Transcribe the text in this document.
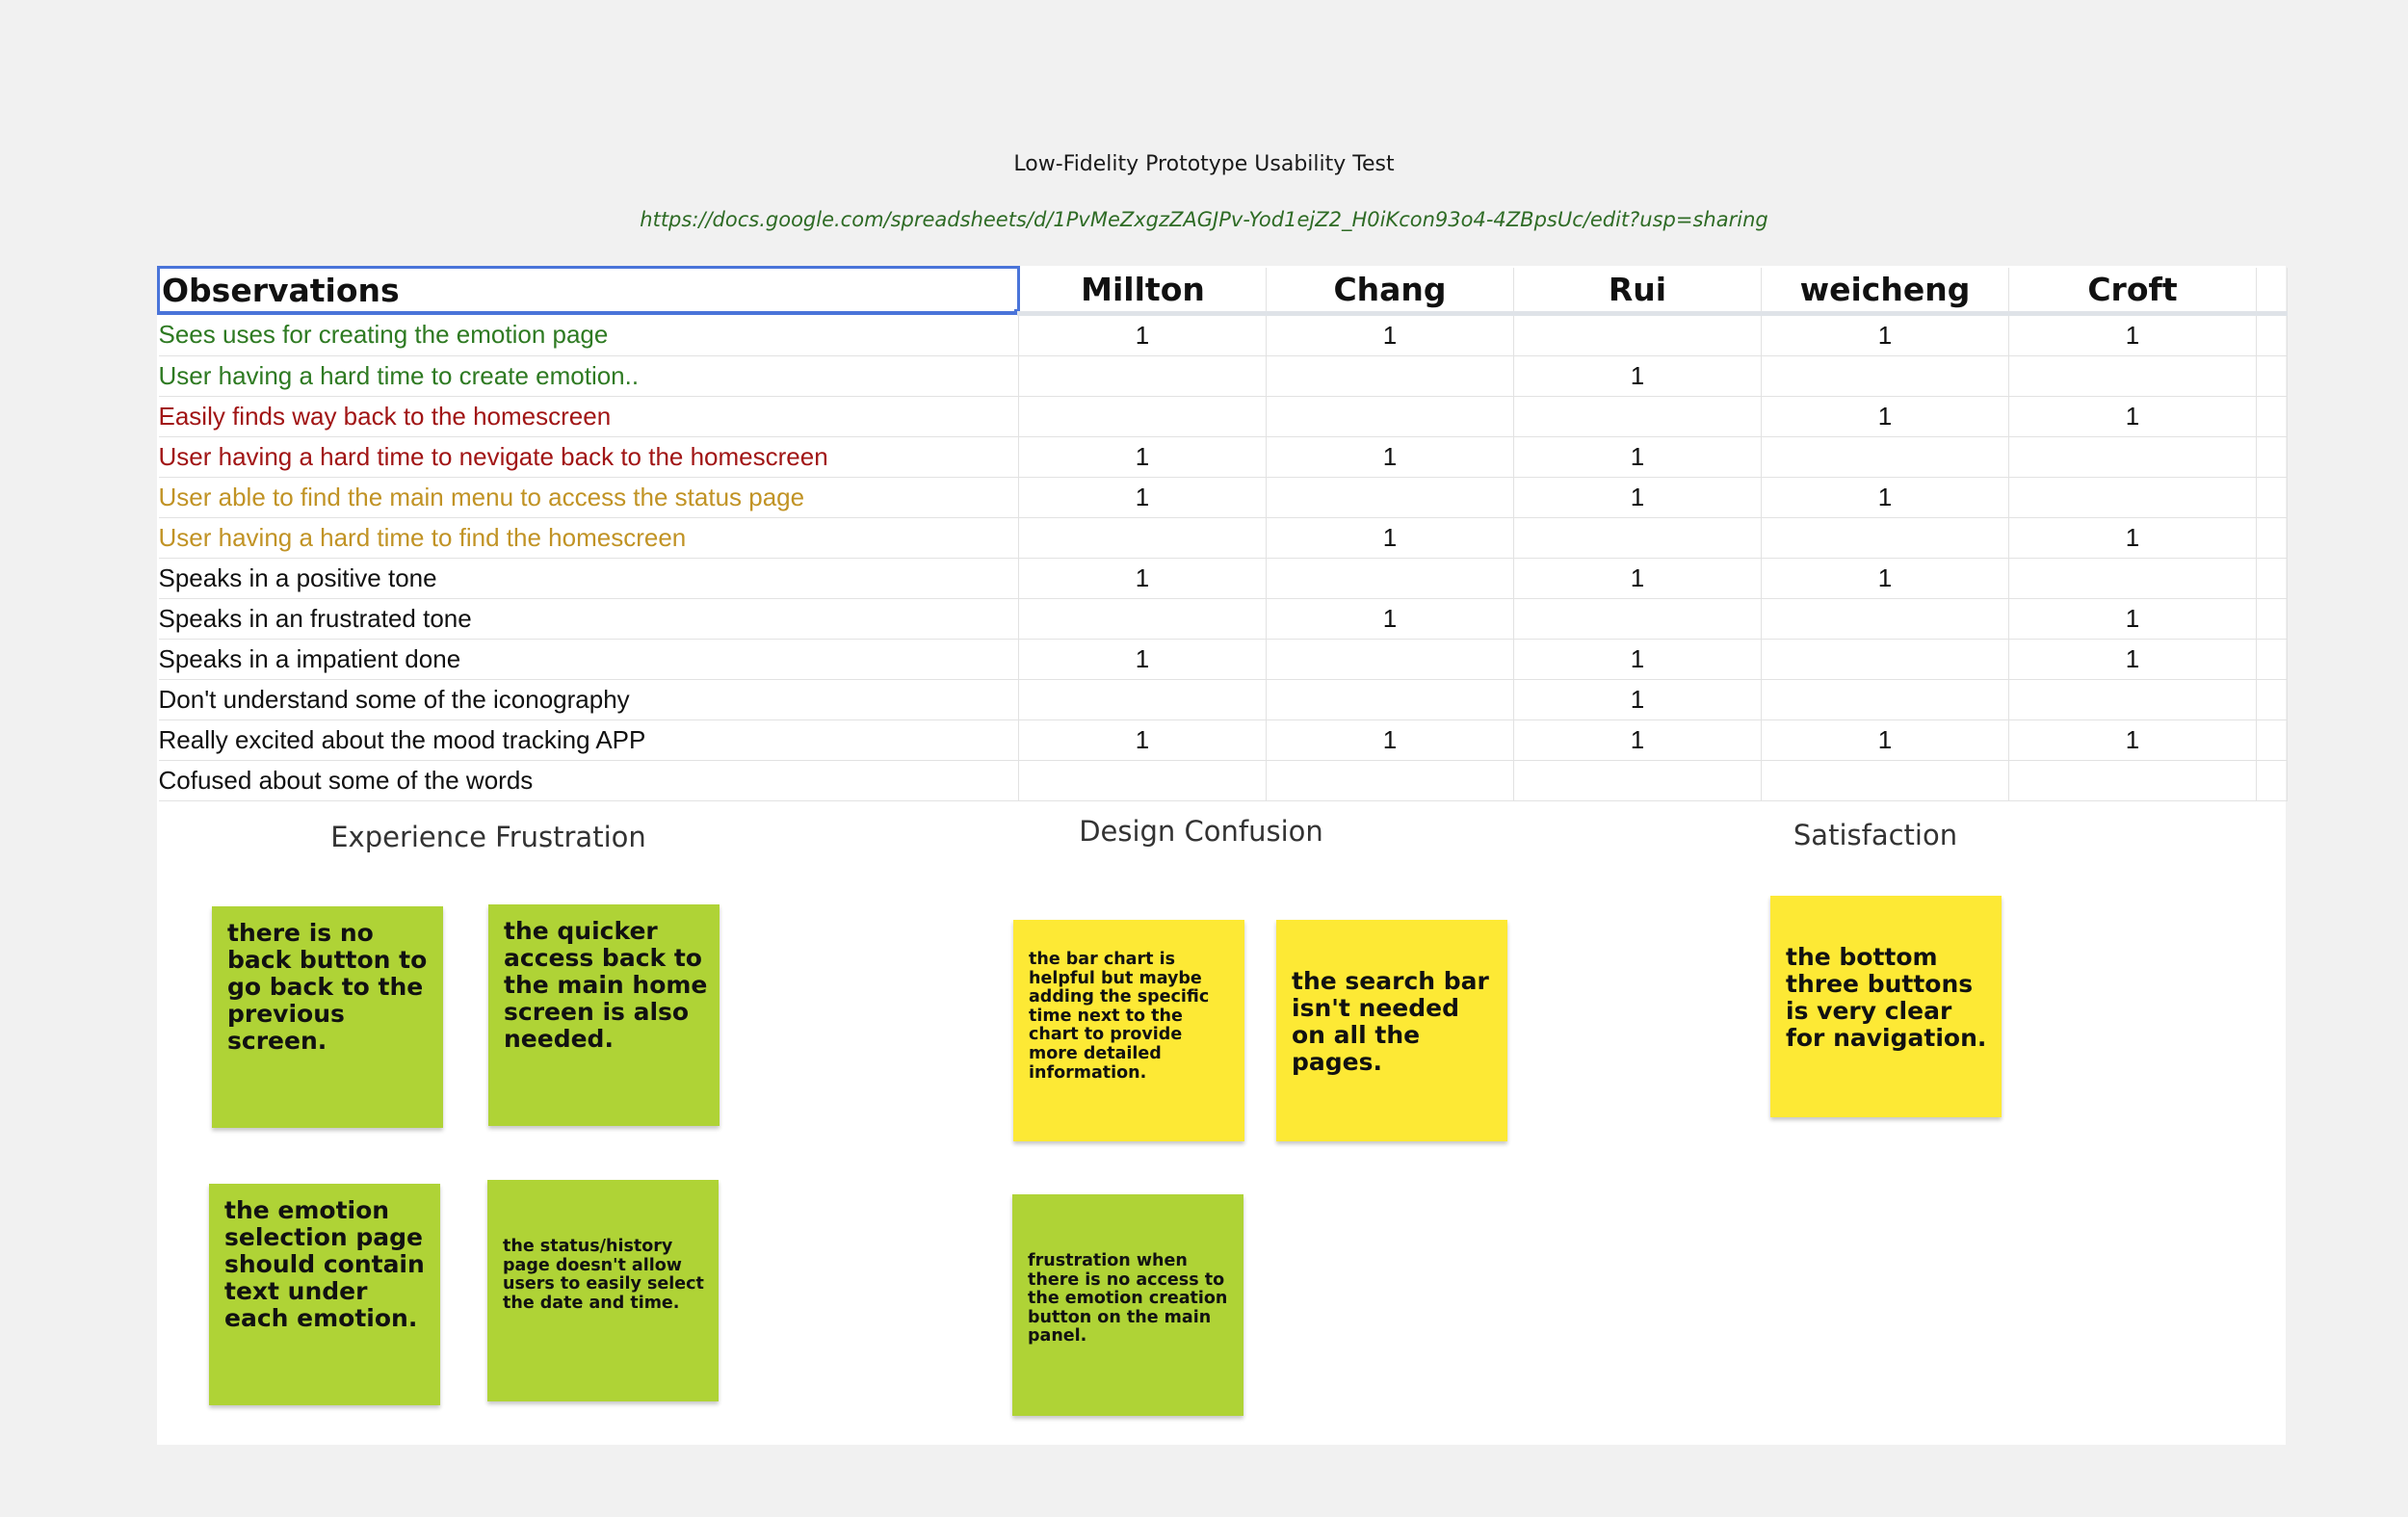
Low-Fidelity Prototype Usability Test
https://docs.google.com/spreadsheets/d/1PvMeZxgzZAGJPv-Yod1ejZ2_H0iKcon93o4-4ZBpsUc/edit?usp=sharing
Observations	Millton	Chang	Rui	weicheng	Croft	
Sees uses for creating the emotion page	1	1		1	1	
User having a hard time to create emotion..			1			
Easily finds way back to the homescreen				1	1	
User having a hard time to nevigate back to the homescreen	1	1	1			
User able to find the main menu to access the status page	1		1	1		
User having a hard time to find the homescreen		1			1	
Speaks in a positive tone	1		1	1		
Speaks in an frustrated tone		1			1	
Speaks in a impatient done	1		1		1	
Don't understand some of the iconography			1			
Really excited about the mood tracking APP	1	1	1	1	1	
Cofused about some of the words						
Experience Frustration	Design Confusion	Satisfaction
there is no back button to go back to the previous screen.
the quicker access back to the main home screen is also needed.
the emotion selection page should contain text under each emotion.
the status/history page doesn't allow users to easily select the date and time.
the bar chart is helpful but maybe adding the specific time next to the chart to provide more detailed information.
the search bar isn't needed on all the pages.
frustration when there is no access to the emotion creation button on the main panel.
the bottom three buttons is very clear for navigation.
